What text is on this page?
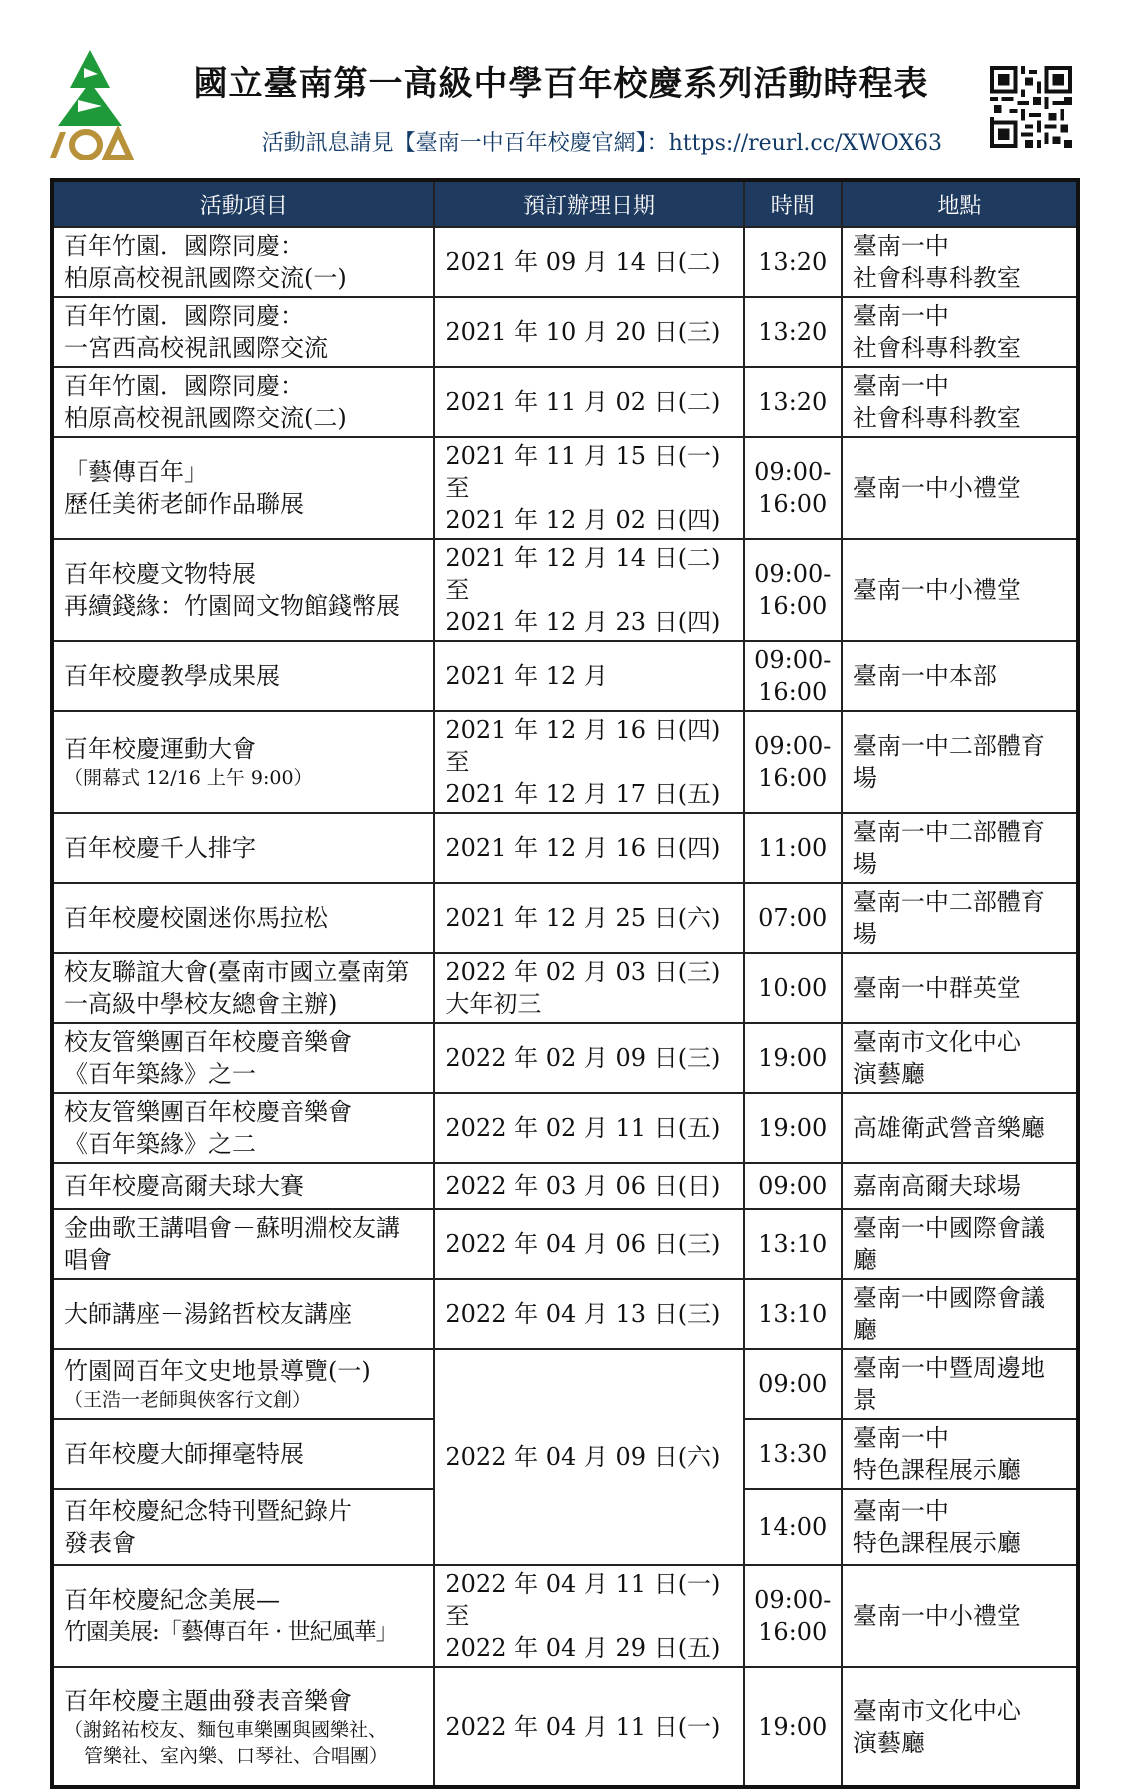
國立臺南第一高級中學百年校慶系列活動時程表
活動訊息請見【臺南一中百年校慶官網】：https://reurl.cc/XWOX63
活動項目	預訂辦理日期	時間	地點

百年竹園．國際同慶：
柏原高校視訊國際交流(一)	2021 年 09 月 14 日(二)	13:20	臺南一中
社會科專科教室

百年竹園．國際同慶：
一宮西高校視訊國際交流	2021 年 10 月 20 日(三)	13:20	臺南一中
社會科專科教室

百年竹園．國際同慶：
柏原高校視訊國際交流(二)	2021 年 11 月 02 日(二)	13:20	臺南一中
社會科專科教室

「藝傳百年」
歷任美術老師作品聯展	2021 年 11 月 15 日(一)至
2021 年 12 月 02 日(四)	09:00-
16:00	臺南一中小禮堂

百年校慶文物特展
再續錢緣：竹園岡文物館錢幣展	2021 年 12 月 14 日(二)至
2021 年 12 月 23 日(四)	09:00-
16:00	臺南一中小禮堂
百年校慶教學成果展	2021 年 12 月	09:00-
16:00	臺南一中本部

百年校慶運動大會
（開幕式 12/16 上午 9:00）	2021 年 12 月 16 日(四)至
2021 年 12 月 17 日(五)	09:00-
16:00	臺南一中二部體育場
百年校慶千人排字	2021 年 12 月 16 日(四)	11:00	臺南一中二部體育場
百年校慶校園迷你馬拉松	2021 年 12 月 25 日(六)	07:00	臺南一中二部體育場

校友聯誼大會(臺南市國立臺南第
一高級中學校友總會主辦)	2022 年 02 月 03 日(三)
大年初三	10:00	臺南一中群英堂

校友管樂團百年校慶音樂會
《百年築緣》之一	2022 年 02 月 09 日(三)	19:00	臺南市文化中心
演藝廳

校友管樂團百年校慶音樂會
《百年築緣》之二	2022 年 02 月 11 日(五)	19:00	高雄衛武營音樂廳
百年校慶高爾夫球大賽	2022 年 03 月 06 日(日)	09:00	嘉南高爾夫球場

金曲歌王講唱會－蘇明淵校友講
唱會	2022 年 04 月 06 日(三)	13:10	臺南一中國際會議廳
大師講座－湯銘哲校友講座	2022 年 04 月 13 日(三)	13:10	臺南一中國際會議廳

竹園岡百年文史地景導覽(一)
（王浩一老師與俠客行文創）	2022 年 04 月 09 日(六)	09:00	臺南一中暨周邊地景
百年校慶大師揮毫特展		13:30	臺南一中
特色課程展示廳

百年校慶紀念特刊暨紀錄片
發表會		14:00	臺南一中
特色課程展示廳

百年校慶紀念美展—
竹園美展:「藝傳百年 · 世紀風華」	2022 年 04 月 11 日(一) 至
2022 年 04 月 29 日(五)	09:00-
16:00	臺南一中小禮堂

百年校慶主題曲發表音樂會
（謝銘祐校友、麵包車樂團與國樂社、
管樂社、室內樂、口琴社、合唱團）	2022 年 04 月 11 日(一)	19:00	臺南市文化中心
演藝廳
